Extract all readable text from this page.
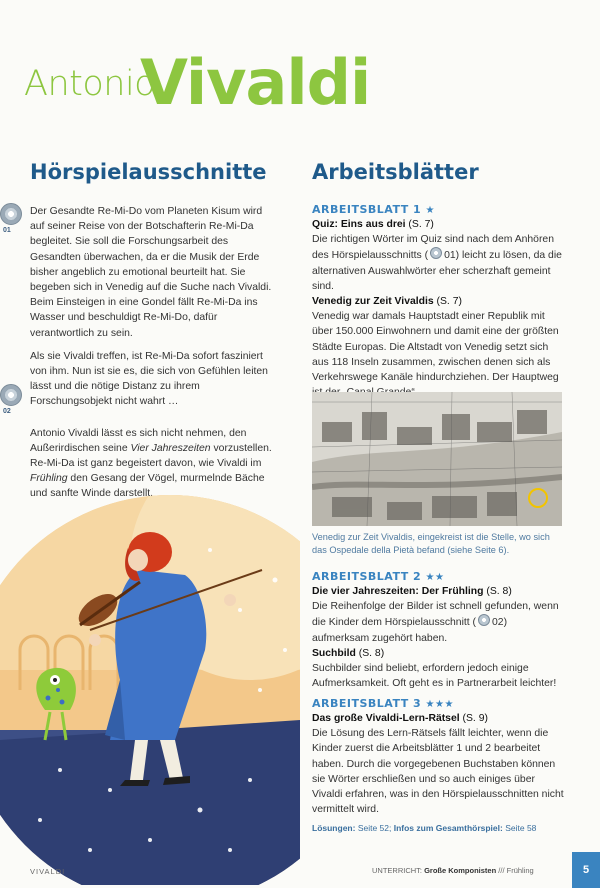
Antonio
Vivaldi
Hörspielausschnitte
01
02

Der Gesandte Re-Mi-Do vom Planeten Kisum wird auf seiner Reise von der Botschafterin Re-Mi-Da begleitet. Sie soll die Forschungsarbeit des Gesandten überwachen, da er die Musik der Erde bisher angeblich zu emotional beurteilt hat. Sie begeben sich in Venedig auf die Suche nach Vivaldi. Beim Einsteigen in eine Gondel fällt Re-Mi-Da ins Wasser und beschuldigt Re-Mi-Do, dafür verantwortlich zu sein.

Als sie Vivaldi treffen, ist Re-Mi-Da sofort fasziniert von ihm. Nun ist sie es, die sich von Gefühlen leiten lässt und die nötige Distanz zu ihrem Forschungsobjekt nicht wahrt …

Antonio Vivaldi lässt es sich nicht nehmen, den Außerirdischen seine Vier Jahreszeiten vorzustellen. Re-Mi-Da ist ganz begeistert davon, wie Vivaldi im Frühling den Gesang der Vögel, murmelnde Bäche und sanfte Winde darstellt.

Arbeitsblätter
ARBEITSBLATT 1 ★
Quiz: Eins aus drei (S. 7)

Die richtigen Wörter im Quiz sind nach dem Anhören des Hörspielausschnitts ( 01) leicht zu lösen, da die alternativen Auswahlwörter eher scherzhaft gemeint sind.

Venedig zur Zeit Vivaldis (S. 7)

Venedig war damals Hauptstadt einer Republik mit über 150.000 Einwohnern und damit eine der größten Städte Europas. Die Altstadt von Venedig setzt sich aus 118 Inseln zusammen, zwischen denen sich als Verkehrswege Kanäle hindurchziehen. Der Hauptweg

Venedig zur Zeit Vivaldis, eingekreist ist die Stelle, wo sich das Ospedale della Pietà befand (siehe Seite 6).
ARBEITSBLATT 2 ★★
Die vier Jahreszeiten: Der Frühling (S. 8)

Die Reihenfolge der Bilder ist schnell gefunden, wenn die Kinder dem Hörspielausschnitt ( 02) aufmerksam zugehört haben.

Suchbild (S. 8)

Suchbilder sind beliebt, erfordern jedoch einige Aufmerksamkeit. Oft geht es in Partnerarbeit leichter!

ARBEITSBLATT 3 ★★★
Das große Vivaldi-Lern-Rätsel (S. 9)

Die Lösung des Lern-Rätsels fällt leichter, wenn die Kinder zuerst die Arbeitsblätter 1 und 2 bearbeitet haben. Durch die vorgegebenen Buchstaben können sie Wörter erschließen und so auch einiges über Vivaldi erfahren, was in den Hörspielausschnitten nicht vermittelt wird.

Lösungen: Seite 52; Infos zum Gesamthörspiel: Seite 58
VIVALDI	UNTERRICHT: Große Komponisten /// Frühling	5
